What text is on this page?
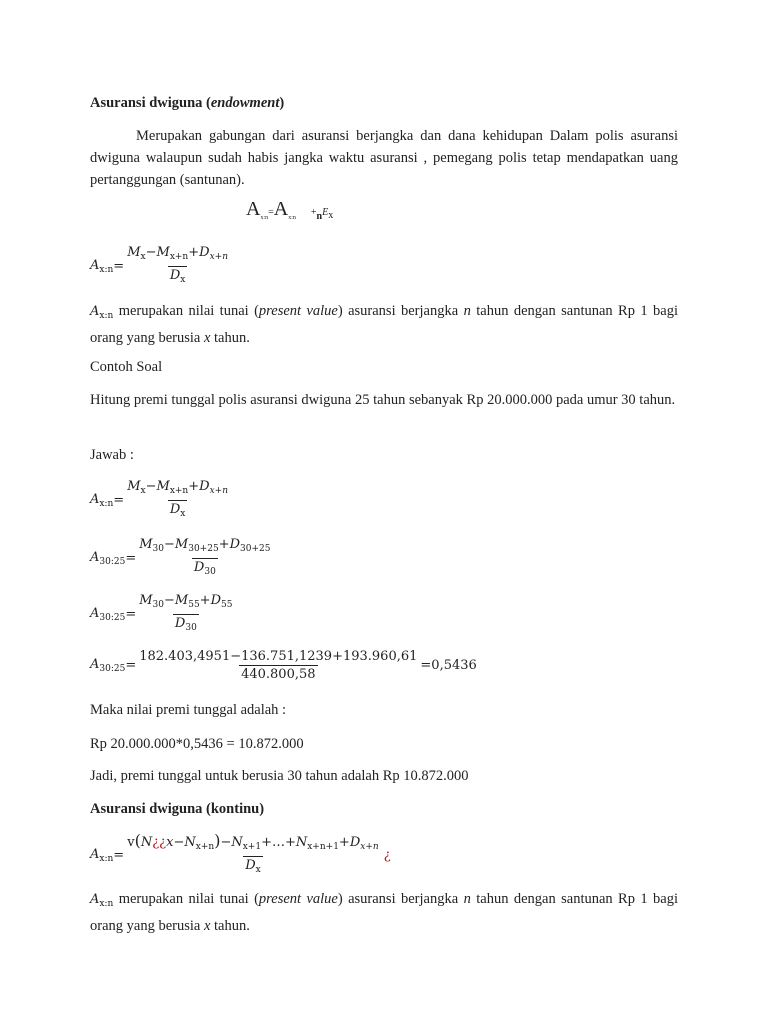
Asuransi dwiguna (endowment)

Merupakan gabungan dari asuransi berjangka dan dana kehidupan Dalam polis asuransi dwiguna walaupun sudah habis jangka waktu asuransi , pemegang polis tetap mendapatkan uang pertanggungan (santunan).

$A_{x:n}=A_{x:n} +_nEx$
$A_{x:n} = \frac{M_x-M_{x+n}+D_{x+n}}{D_x}$

$A_{x:n}$ merupakan nilai tunai (present value) asuransi berjangka n tahun dengan santunan Rp 1 bagi orang yang berusia x tahun.

Contoh Soal

Hitung premi tunggal polis asuransi dwiguna 25 tahun sebanyak Rp 20.000.000 pada umur 30 tahun.

Jawab :

$A_{x:n} = \frac{M_x-M_{x+n}+D_{x+n}}{D_x}$
$A_{30:25} = \frac{M_{30}-M_{30+25}+D_{30+25}}{D_{30}}$
$A_{30:25} = \frac{M_{30}-M_{55}+D_{55}}{D_{30}}$
$A_{30:25} = \frac{182.403,4951-136.751,1239+193.960,61}{440.800,58} =0,5436$

Maka nilai premi tunggal adalah :

Rp 20.000.000*0,5436 = 10.872.000

Jadi, premi tunggal untuk berusia 30 tahun adalah Rp 10.872.000

Asuransi dwiguna (kontinu)

$A_{x:n} = \frac{v(N¿¿x-N_{x+n})-N_{x+1}+\dots+N_{x+n+1}+D_{x+n}}{D_x}$ ¿

$A_{x:n}$ merupakan nilai tunai (present value) asuransi berjangka n tahun dengan santunan Rp 1 bagi orang yang berusia x tahun.
